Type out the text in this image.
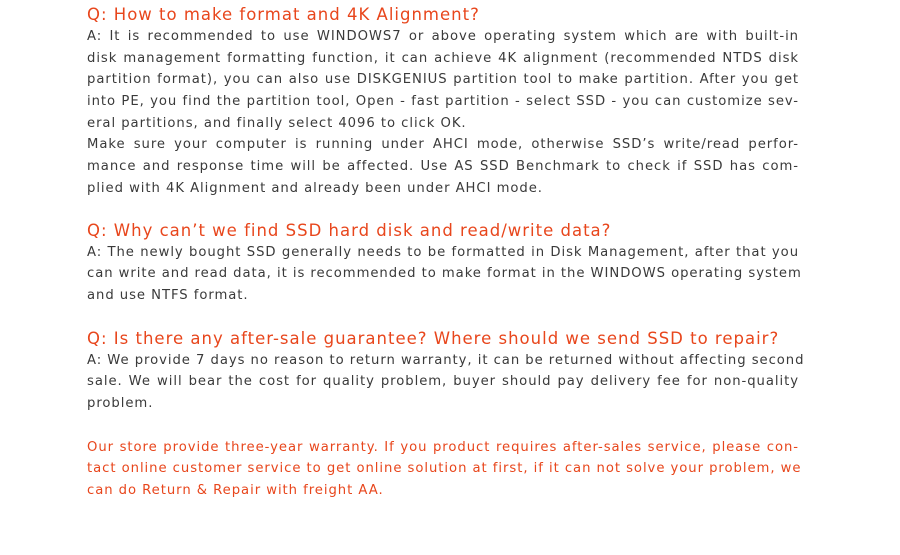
Q: How to make format and 4K Alignment?
A: It is recommended to use WINDOWS7 or above operating system which are with built-in
disk management formatting function, it can achieve 4K alignment (recommended NTDS disk
partition format), you can also use DISKGENIUS partition tool to make partition. After you get
into PE, you find the partition tool, Open - fast partition - select SSD - you can customize sev-
eral partitions, and finally select 4096 to click OK.
Make sure your computer is running under AHCI mode, otherwise SSD’s write/read perfor-
mance and response time will be affected. Use AS SSD Benchmark to check if SSD has com-
plied with 4K Alignment and already been under AHCI mode.
Q: Why can’t we find SSD hard disk and read/write data?
A: The newly bought SSD generally needs to be formatted in Disk Management, after that you
can write and read data, it is recommended to make format in the WINDOWS operating system
and use NTFS format.
Q: Is there any after-sale guarantee? Where should we send SSD to repair?
A: We provide 7 days no reason to return warranty, it can be returned without affecting second
sale. We will bear the cost for quality problem, buyer should pay delivery fee for non-quality
problem.
Our store provide three-year warranty. If you product requires after-sales service, please con-
tact online customer service to get online solution at first, if it can not solve your problem, we
can do Return & Repair with freight AA.
